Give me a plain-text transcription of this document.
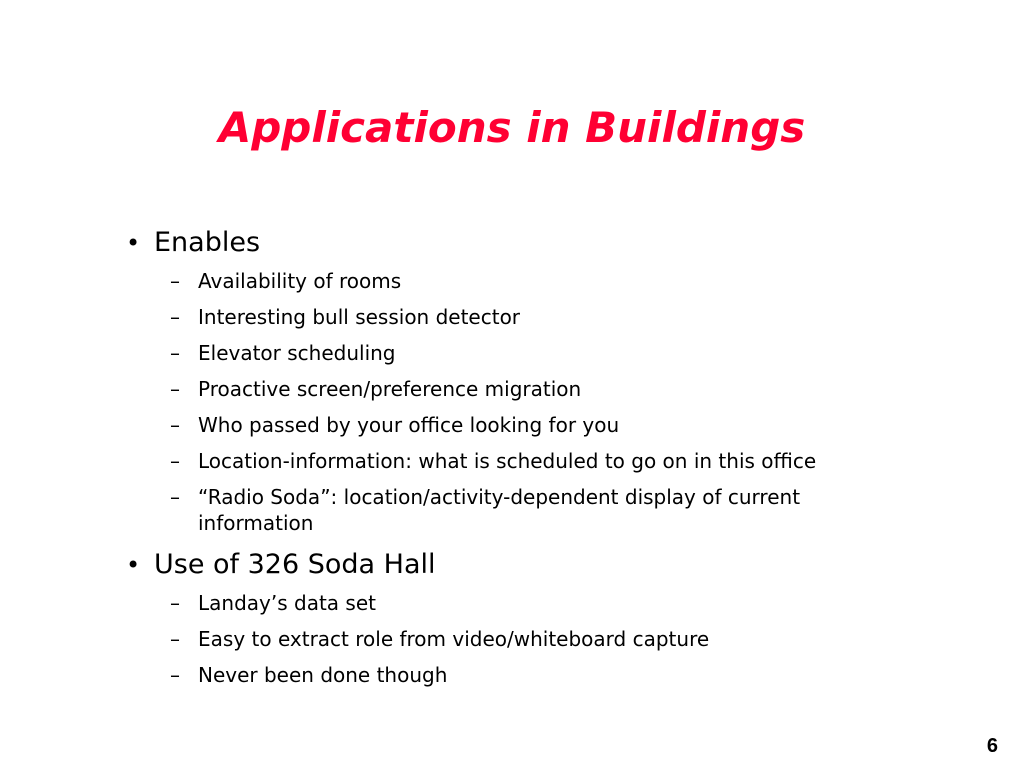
Applications in Buildings
• Enables
– Availability of rooms
– Interesting bull session detector
– Elevator scheduling
– Proactive screen/preference migration
– Who passed by your office looking for you
– Location-information: what is scheduled to go on in this office
– “Radio Soda”: location/activity-dependent display of current information
• Use of 326 Soda Hall
– Landay’s data set
– Easy to extract role from video/whiteboard capture
– Never been done though
6
